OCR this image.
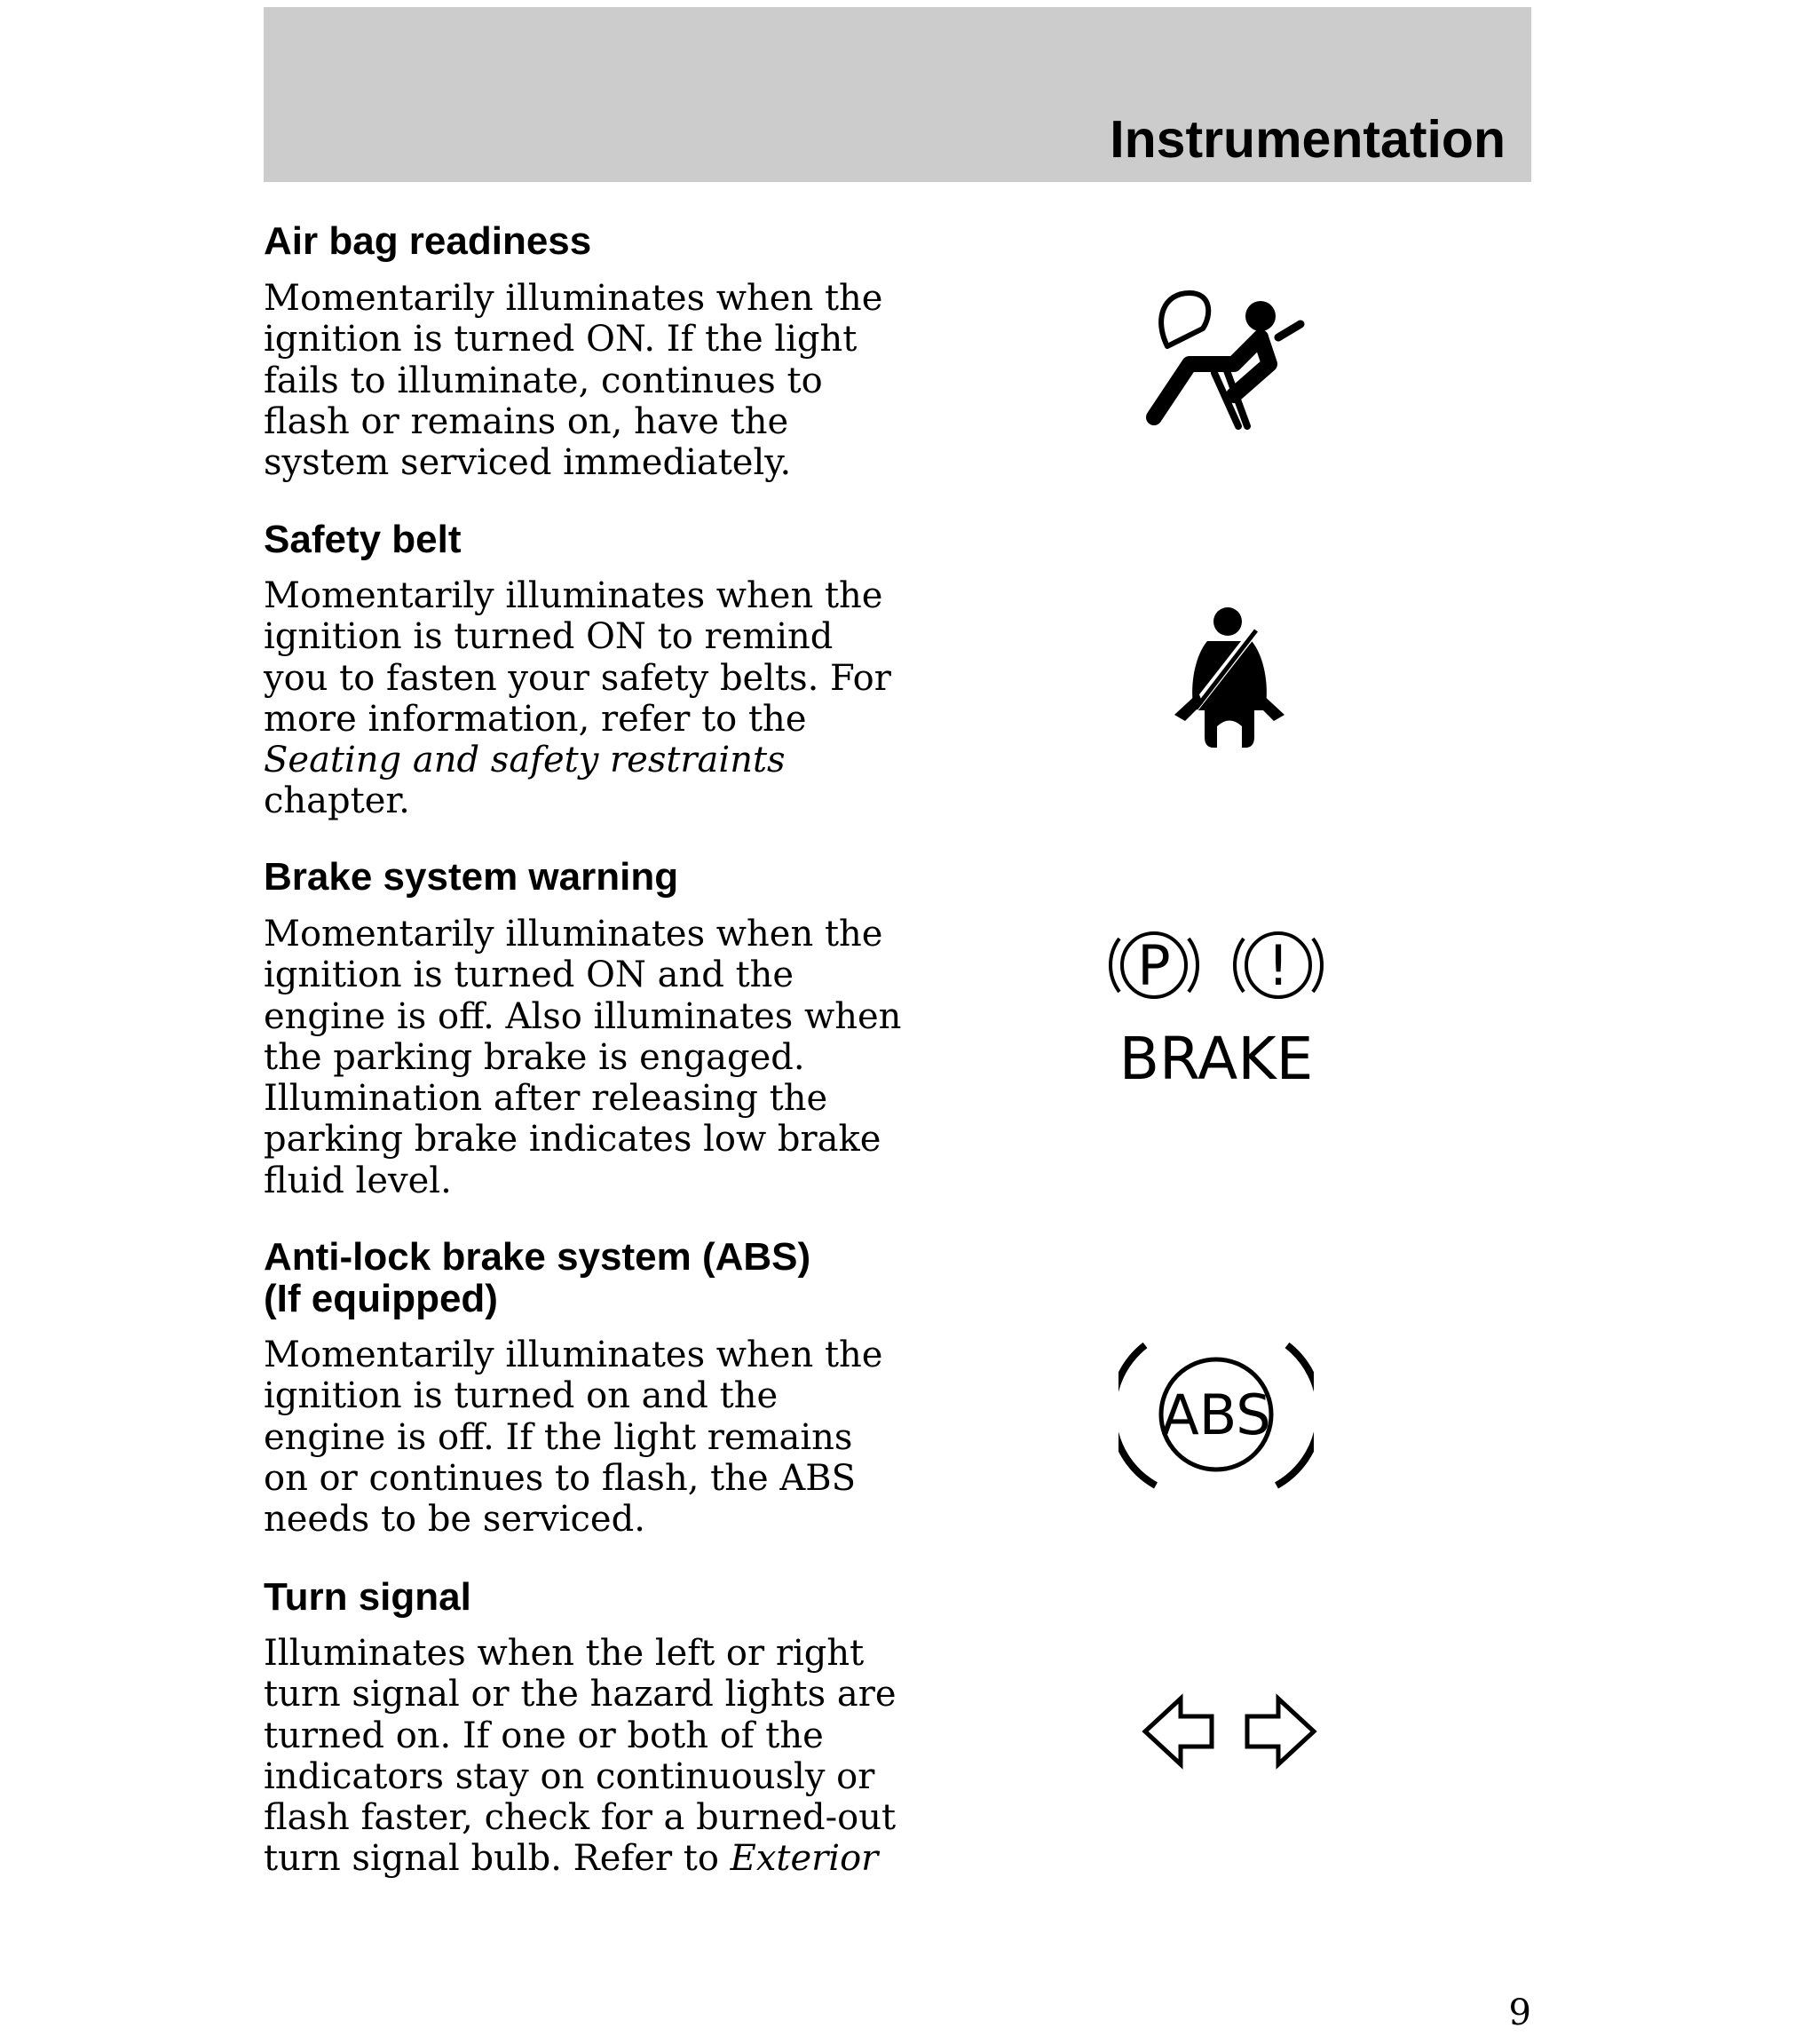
Instrumentation
Air bag readiness
Momentarily illuminates when the
ignition is turned ON. If the light
fails to illuminate, continues to
flash or remains on, have the
system serviced immediately.
Safety belt
Momentarily illuminates when the
ignition is turned ON to remind
you to fasten your safety belts. For
more information, refer to the
Seating and safety restraints
chapter.
Brake system warning
Momentarily illuminates when the
ignition is turned ON and the
engine is off. Also illuminates when
the parking brake is engaged.
Illumination after releasing the
parking brake indicates low brake
fluid level.
P !
BRAKE
Anti-lock brake system (ABS)
(If equipped)
Momentarily illuminates when the
ignition is turned on and the
engine is off. If the light remains
on or continues to flash, the ABS
needs to be serviced.
ABS
Turn signal
Illuminates when the left or right
turn signal or the hazard lights are
turned on. If one or both of the
indicators stay on continuously or
flash faster, check for a burned-out
turn signal bulb. Refer to Exterior
9
